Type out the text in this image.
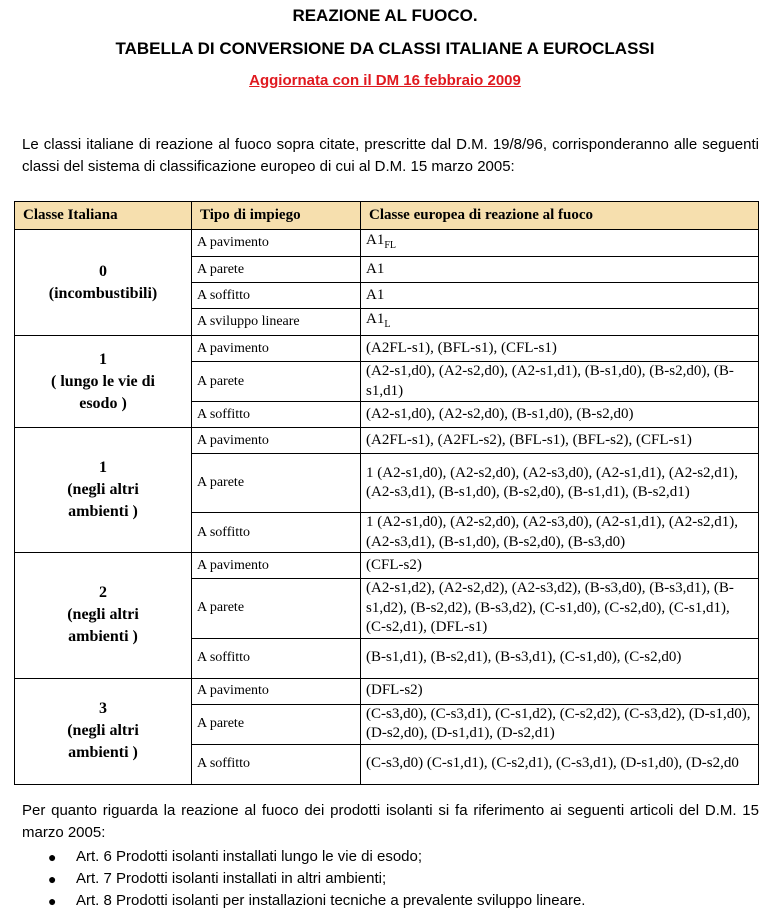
REAZIONE AL FUOCO.
TABELLA DI CONVERSIONE DA CLASSI ITALIANE A EUROCLASSI
Aggiornata con il DM 16 febbraio 2009
Le classi italiane di reazione al fuoco sopra citate, prescritte dal D.M. 19/8/96, corrisponderanno alle seguenti classi del sistema di classificazione europeo di cui al D.M. 15 marzo 2005:
Classe Italiana	Tipo di impiego	Classe europea di reazione al fuoco

0
(incombustibili)	A pavimento	$A1_{FL}$
	A parete	A1
	A soffitto	A1
	A sviluppo lineare	$A1_L$

1
( lungo le vie di esodo )	A pavimento	(A2FL-s1), (BFL-s1), (CFL-s1)
	A parete	(A2-s1,d0), (A2-s2,d0), (A2-s1,d1), (B-s1,d0), (B-s2,d0), (B-s1,d1)
	A soffitto	(A2-s1,d0), (A2-s2,d0), (B-s1,d0), (B-s2,d0)

1
(negli altri ambienti )	A pavimento	(A2FL-s1), (A2FL-s2), (BFL-s1), (BFL-s2), (CFL-s1)
	A parete	1 (A2-s1,d0), (A2-s2,d0), (A2-s3,d0), (A2-s1,d1), (A2-s2,d1), (A2-s3,d1), (B-s1,d0), (B-s2,d0), (B-s1,d1), (B-s2,d1)
	A soffitto	1 (A2-s1,d0), (A2-s2,d0), (A2-s3,d0), (A2-s1,d1), (A2-s2,d1), (A2-s3,d1), (B-s1,d0), (B-s2,d0), (B-s3,d0)

2
(negli altri ambienti )	A pavimento	(CFL-s2)
	A parete	(A2-s1,d2), (A2-s2,d2), (A2-s3,d2), (B-s3,d0), (B-s3,d1), (B-s1,d2), (B-s2,d2), (B-s3,d2), (C-s1,d0), (C-s2,d0), (C-s1,d1), (C-s2,d1), (DFL-s1)
	A soffitto	(B-s1,d1), (B-s2,d1), (B-s3,d1), (C-s1,d0), (C-s2,d0)

3
(negli altri ambienti )	A pavimento	(DFL-s2)
	A parete	(C-s3,d0), (C-s3,d1), (C-s1,d2), (C-s2,d2), (C-s3,d2), (D-s1,d0), (D-s2,d0), (D-s1,d1), (D-s2,d1)
	A soffitto	(C-s3,d0) (C-s1,d1), (C-s2,d1), (C-s3,d1), (D-s1,d0), (D-s2,d0
Per quanto riguarda la reazione al fuoco dei prodotti isolanti si fa riferimento ai seguenti articoli del D.M. 15 marzo 2005:
● Art. 6 Prodotti isolanti installati lungo le vie di esodo;
● Art. 7 Prodotti isolanti installati in altri ambienti;
● Art. 8 Prodotti isolanti per installazioni tecniche a prevalente sviluppo lineare.
